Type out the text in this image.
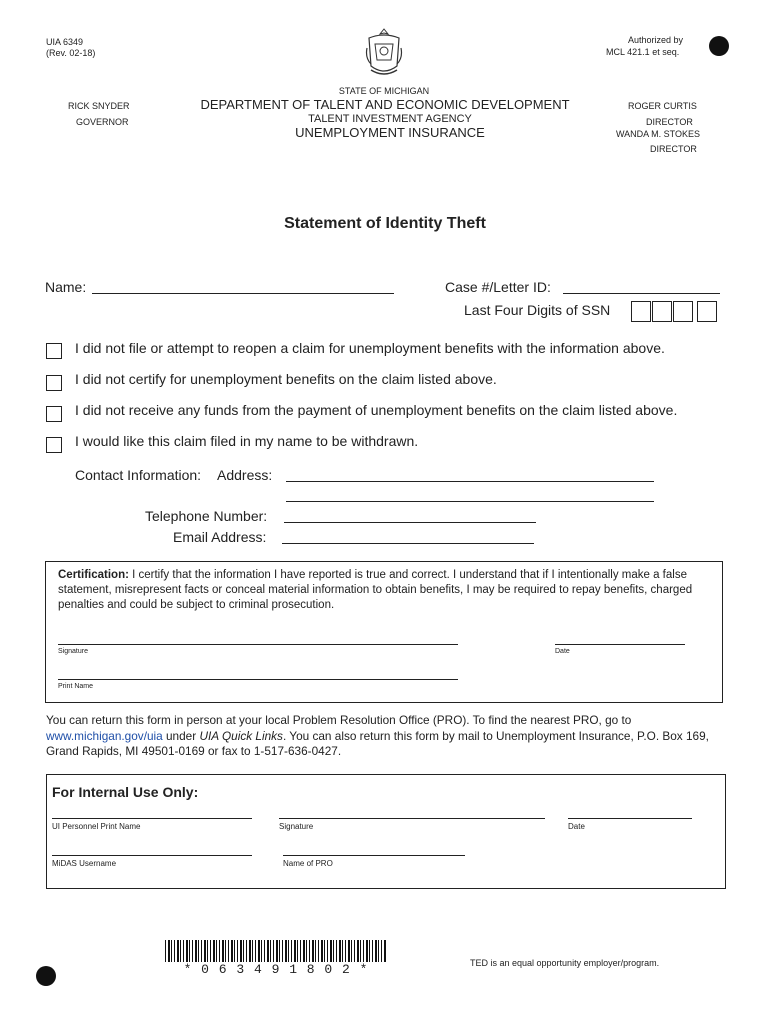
UIA 6349
(Rev. 02-18)
Authorized by
MCL 421.1 et seq.
STATE OF MICHIGAN
DEPARTMENT OF TALENT AND ECONOMIC DEVELOPMENT
TALENT INVESTMENT AGENCY
UNEMPLOYMENT INSURANCE
RICK SNYDER
GOVERNOR
ROGER CURTIS
DIRECTOR
WANDA M. STOKES
DIRECTOR
Statement of Identity Theft
Name:	Case #/Letter ID:
Last Four Digits of SSN
I did not file or attempt to reopen a claim for unemployment benefits with the information above.
I did not certify for unemployment benefits on the claim listed above.
I did not receive any funds from the payment of unemployment benefits on the claim listed above.
I would like this claim filed in my name to be withdrawn.
Contact Information: Address:
Telephone Number:
Email Address:
Certification: I certify that the information I have reported is true and correct. I understand that if I intentionally make a false statement, misrepresent facts or conceal material information to obtain benefits, I may be required to repay benefits, charged penalties and could be subject to criminal prosecution.
Signature	Date
Print Name
You can return this form in person at your local Problem Resolution Office (PRO). To find the nearest PRO, go to www.michigan.gov/uia under UIA Quick Links. You can also return this form by mail to Unemployment Insurance, P.O. Box 169, Grand Rapids, MI 49501-0169 or fax to 1-517-636-0427.
For Internal Use Only:
UI Personnel Print Name	Signature	Date
MiDAS Username	Name of PRO
* 0 6 3 4 9 1 8 0 2 *	TED is an equal opportunity employer/program.
